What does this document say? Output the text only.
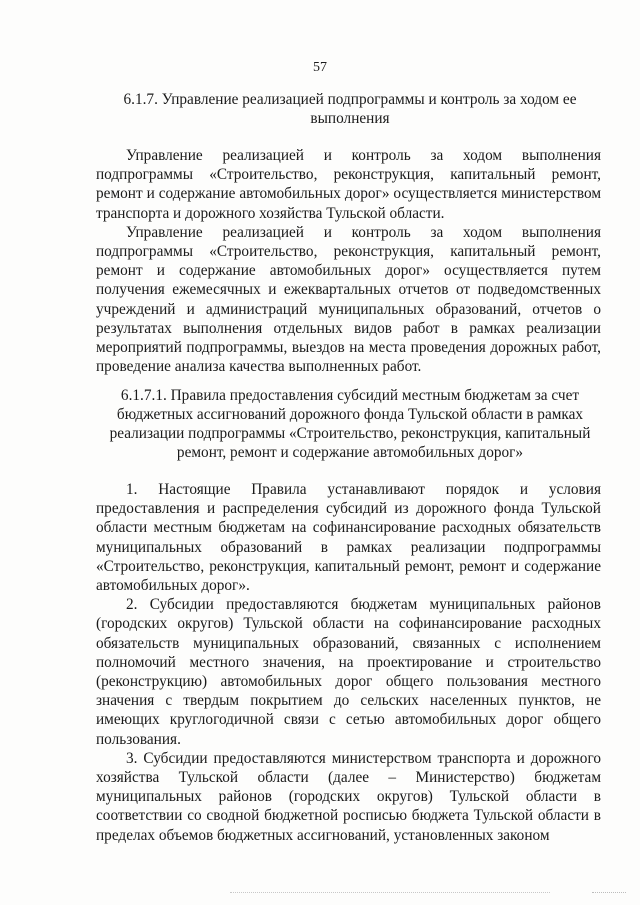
57
6.1.7. Управление реализацией подпрограммы и контроль за ходом ее выполнения

Управление реализацией и контроль за ходом выполнения подпрограммы «Строительство, реконструкция, капитальный ремонт, ремонт и содержание автомобильных дорог» осуществляется министерством транспорта и дорожного хозяйства Тульской области.

Управление реализацией и контроль за ходом выполнения подпрограммы «Строительство, реконструкция, капитальный ремонт, ремонт и содержание автомобильных дорог» осуществляется путем получения ежемесячных и ежеквартальных отчетов от подведомственных учреждений и администраций муниципальных образований, отчетов о результатах выполнения отдельных видов работ в рамках реализации мероприятий подпрограммы, выездов на места проведения дорожных работ, проведение анализа качества выполненных работ.

6.1.7.1. Правила предоставления субсидий местным бюджетам за счет бюджетных ассигнований дорожного фонда Тульской области в рамках реализации подпрограммы «Строительство, реконструкция, капитальный ремонт, ремонт и содержание автомобильных дорог»

1. Настоящие Правила устанавливают порядок и условия предоставления и распределения субсидий из дорожного фонда Тульской области местным бюджетам на софинансирование расходных обязательств муниципальных образований в рамках реализации подпрограммы «Строительство, реконструкция, капитальный ремонт, ремонт и содержание автомобильных дорог».

2. Субсидии предоставляются бюджетам муниципальных районов (городских округов) Тульской области на софинансирование расходных обязательств муниципальных образований, связанных с исполнением полномочий местного значения, на проектирование и строительство (реконструкцию) автомобильных дорог общего пользования местного значения с твердым покрытием до сельских населенных пунктов, не имеющих круглогодичной связи с сетью автомобильных дорог общего пользования.

3. Субсидии предоставляются министерством транспорта и дорожного хозяйства Тульской области (далее – Министерство) бюджетам муниципальных районов (городских округов) Тульской области в соответствии со сводной бюджетной росписью бюджета Тульской области в пределах объемов бюджетных ассигнований, установленных законом
